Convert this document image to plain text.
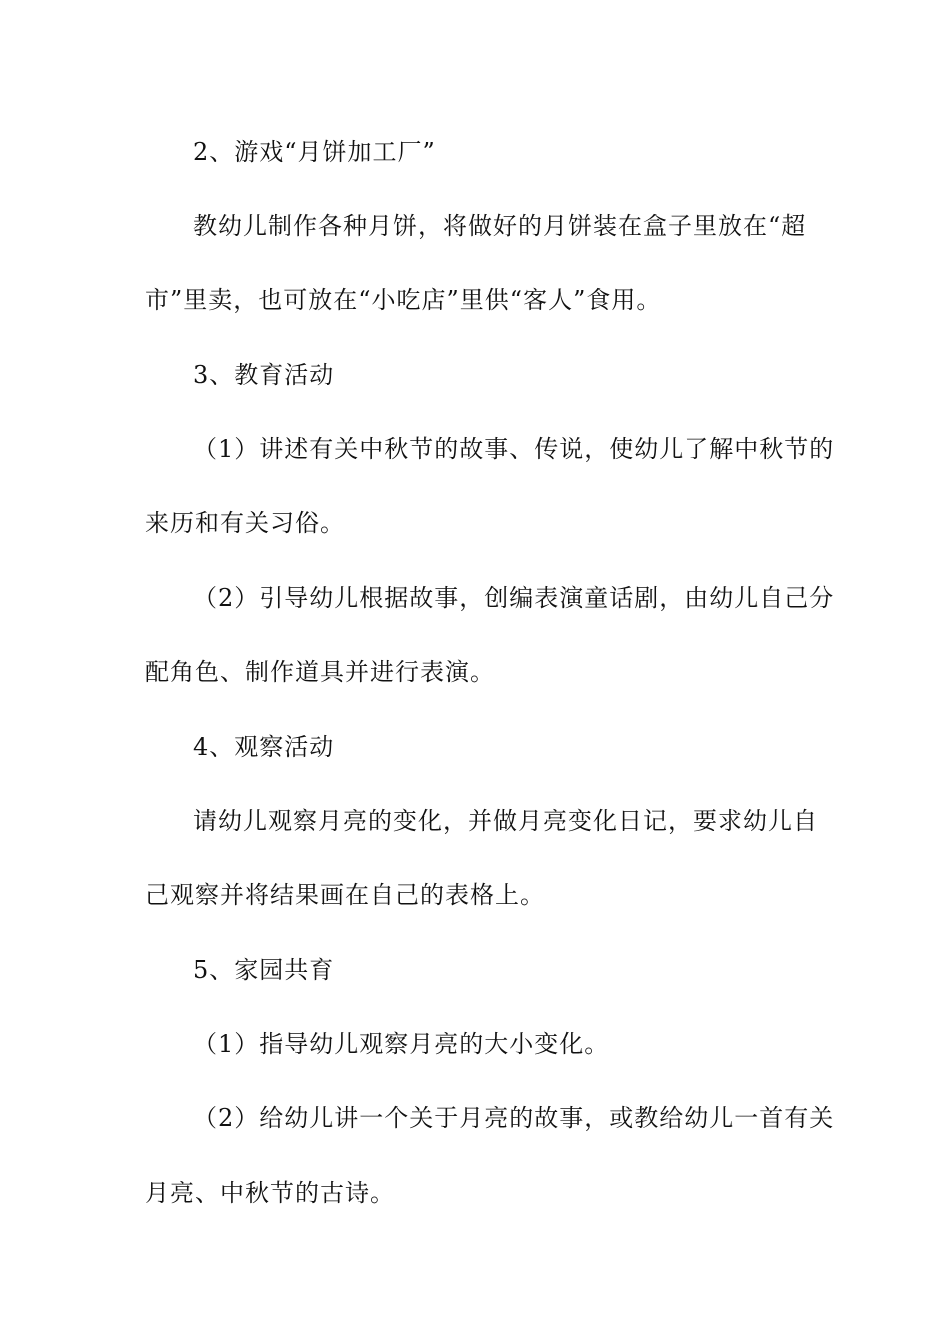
2、游戏“月饼加工厂”
教幼儿制作各种月饼，将做好的月饼装在盒子里放在“超
市”里卖，也可放在“小吃店”里供“客人”食用。
3、教育活动
（1）讲述有关中秋节的故事、传说，使幼儿了解中秋节的
来历和有关习俗。
（2）引导幼儿根据故事，创编表演童话剧，由幼儿自己分
配角色、制作道具并进行表演。
4、观察活动
请幼儿观察月亮的变化，并做月亮变化日记，要求幼儿自
己观察并将结果画在自己的表格上。
5、家园共育
（1）指导幼儿观察月亮的大小变化。
（2）给幼儿讲一个关于月亮的故事，或教给幼儿一首有关
月亮、中秋节的古诗。
